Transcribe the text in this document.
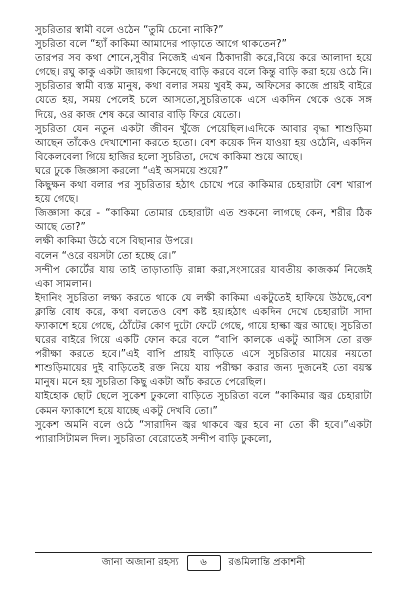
সুচরিতার স্বামী বলে ওঠেন “তুমি চেনো নাকি?”

সুচরিতা বলে “হ্যাঁ কাকিমা আমাদের পাড়াতে আগে থাকতেন?”

তারপর সব কথা শোনে,সুবীর নিজেই এখন ঠিকাদারী করে,বিয়ে করে আলাদা হয়ে গেছে। রঘু কাকু একটা জায়গা কিনেছে বাড়ি করবে বলে কিন্তু বাড়ি করা হয়ে ওঠে নি। সুচরিতার স্বামী ব্যস্ত মানুষ, কথা বলার সময় খুবই কম, অফিসের কাজে প্রায়ই বাইরে যেতে হয়, সময় পেলেই চলে আসতো,সুচরিতাকে এসে একদিন থেকে ওকে সঙ্গ দিয়ে, ওর কাজ শেষ করে আবার বাড়ি ফিরে যেতো।

সুচরিতা যেন নতুন একটা জীবন খুঁজে পেয়েছিল।এদিকে আবার বৃদ্ধা শাশুড়িমা আছেন তাঁকেও দেখাশোনা করতে হতো। বেশ কয়েক দিন যাওয়া হয় ওঠেনি, একদিন বিকেলবেলা গিয়ে হাজির হলো সুচরিতা, দেখে কাকিমা শুয়ে আছে।

ঘরে ঢুকে জিজ্ঞাসা করলো “এই অসময়ে শুয়ে?”

কিছুক্ষন কথা বলার পর সুচরিতার হঠাৎ চোখে পরে কাকিমার চেহারাটা বেশ খারাপ হয়ে গেছে।

জিজ্ঞাসা করে - “কাকিমা তোমার চেহারাটা এত শুকনো লাগছে কেন, শরীর ঠিক আছে তো?”

লক্ষী কাকিমা উঠে বসে বিছানার উপরে।

বলেন “ওরে বয়সটা তো হচ্ছে রে।”

সন্দীপ কোর্টের যায় তাই তাড়াতাড়ি রান্না করা,সংসারের যাবতীয় কাজকর্ম নিজেই একা সামলান।

ইদানিং সুচরিতা লক্ষ্য করতে থাকে যে লক্ষী কাকিমা একটুতেই হাফিয়ে উঠছে,বেশ ক্লান্তি বোধ করে, কথা বলতেও বেশ কষ্ট হয়।হঠাৎ একদিন দেখে চেহারাটা সাদা ফ্যাকাশে হয়ে গেছে, ঠোঁটের কোণ দুটো ফেটে গেছে, গায়ে হাল্কা জ্বর আছে। সুচরিতা ঘরের বাইরে গিয়ে একটি ফোন করে বলে “বাপি কালকে একটু আসিস তো রক্ত পরীক্ষা করতে হবে।”এই বাপি প্রায়ই বাড়িতে এসে সুচরিতার মায়ের নয়তো শাশুড়িমায়ের দুই বাড়িতেই রক্ত নিয়ে যায় পরীক্ষা করার জন্য দুজনেই তো বয়স্ক মানুষ। মনে হয় সুচরিতা কিছু একটা আঁচ করতে পেরেছিল।

যাইহোক ছোট ছেলে সুকেশ ঢুকলো বাড়িতে সুচরিতা বলে “কাকিমার জ্বর চেহারাটা কেমন ফ্যাকাশে হয়ে যাচ্ছে একটু দেখবি তো।”

সুকেশ অমনি বলে ওঠে “সারাদিন জ্বর থাকবে জ্বর হবে না তো কী হবে।”একটা প্যারাসিটামল দিল। সুচরিতা বেরোতেই সন্দীপ বাড়ি ঢুকলো,

জানা অজানা রহস্য	৬	রঙমিলান্তি প্রকাশনী
